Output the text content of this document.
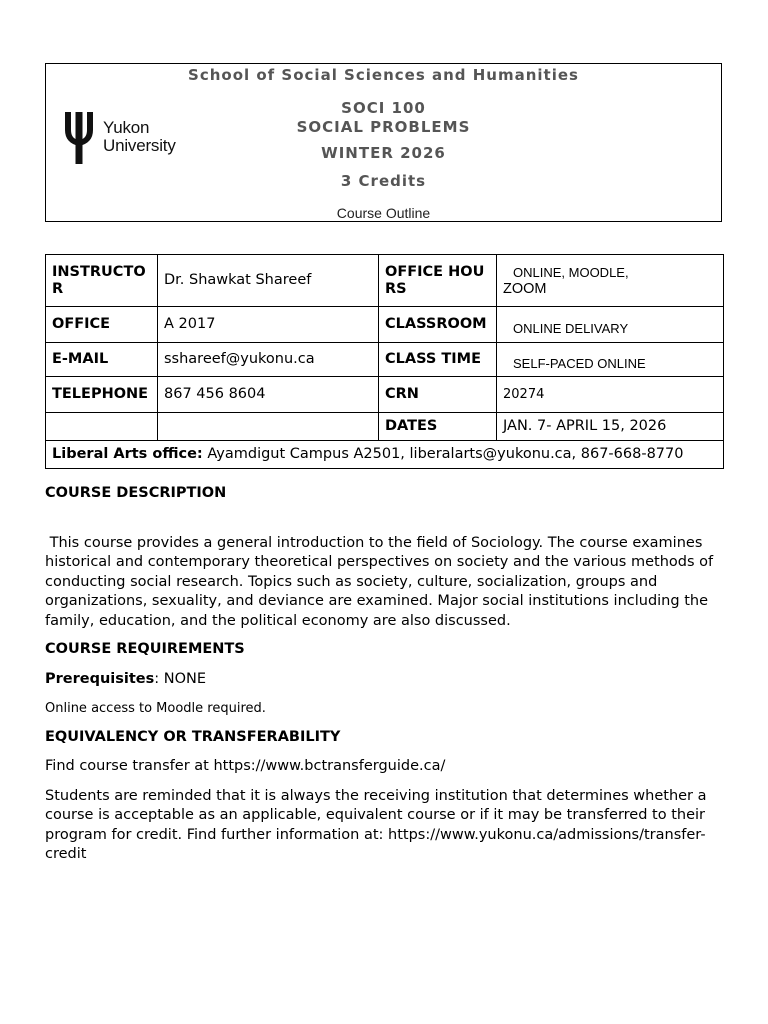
Yukon
University
School of Social Sciences and Humanities
SOCI 100
SOCIAL PROBLEMS
WINTER 2026
3 Credits
Course Outline
INSTRUCTOR	Dr. Shawkat Shareef	OFFICE HOURS	ONLINE, MOODLE,
ZOOM

OFFICE	A 2017	CLASSROOM	ONLINE DELIVARY

E-MAIL	sshareef@yukonu.ca	CLASS TIME	SELF-PACED ONLINE

TELEPHONE	867 456 8604	CRN	20274
		DATES	JAN. 7- APRIL 15, 2026
Liberal Arts office: Ayamdigut Campus A2501, liberalarts@yukonu.ca, 867-668-8770			
COURSE DESCRIPTION

This course provides a general introduction to the field of Sociology. The course examines historical and contemporary theoretical perspectives on society and the various methods of conducting social research. Topics such as society, culture, socialization, groups and organizations, sexuality, and deviance are examined. Major social institutions including the family, education, and the political economy are also discussed.

COURSE REQUIREMENTS

Prerequisites: NONE

Online access to Moodle required.

EQUIVALENCY OR TRANSFERABILITY

Find course transfer at https://www.bctransferguide.ca/

Students are reminded that it is always the receiving institution that determines whether a course is acceptable as an applicable, equivalent course or if it may be transferred to their program for credit. Find further information at: https://www.yukonu.ca/admissions/transfer-credit
